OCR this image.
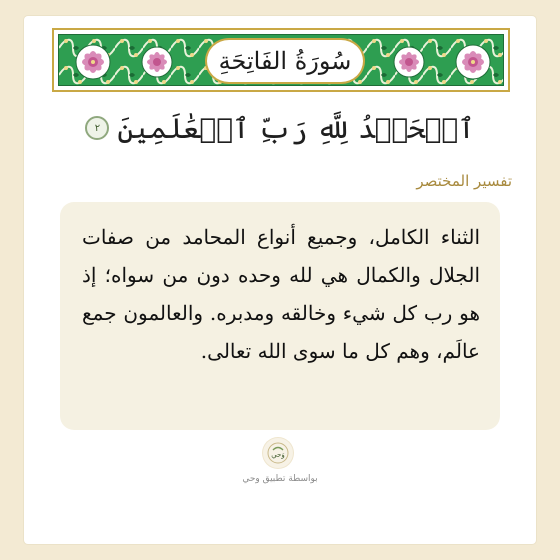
سُورَةُ الفَاتِحَةِ
ٱلۡحَمۡدُ لِلَّهِ رَبِّ ٱلۡعَٰلَمِينَ
٢
تفسير المختصر
الثناء الكامل، وجميع أنواع المحامد من صفات الجلال والكمال هي لله وحده دون من سواه؛ إذ هو رب كل شيء وخالقه ومدبره. والعالمون جمع عالَم، وهم كل ما سوى الله تعالى.
وَحي
بواسطة تطبيق وحي
